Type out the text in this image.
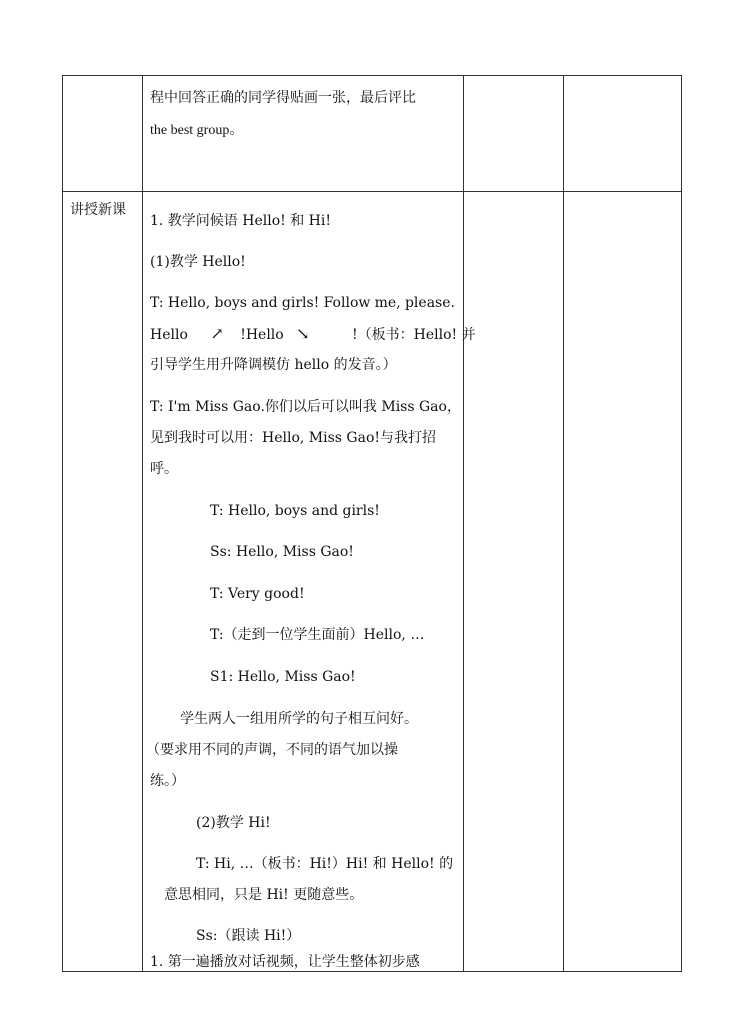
程中回答正确的同学得贴画一张，最后评比
the best group。
讲授新课
1. 教学问候语 Hello! 和 Hi!
(1)教学 Hello!
T: Hello, boys and girls! Follow me, please.
Hello ↗ !Hello ↘	!（板书：Hello! 并
引导学生用升降调模仿 hello 的发音。）
T: I'm Miss Gao.你们以后可以叫我 Miss Gao，
见到我时可以用：Hello, Miss Gao!与我打招
呼。
T: Hello, boys and girls!
Ss: Hello, Miss Gao!
T: Very good!
T:（走到一位学生面前）Hello, …
S1: Hello, Miss Gao!
学生两人一组用所学的句子相互问好。
（要求用不同的声调，不同的语气加以操
练。）
(2)教学 Hi!
T: Hi, …（板书：Hi!）Hi! 和 Hello! 的
意思相同，只是 Hi! 更随意些。
Ss:（跟读 Hi!）
1. 第一遍播放对话视频，让学生整体初步感
